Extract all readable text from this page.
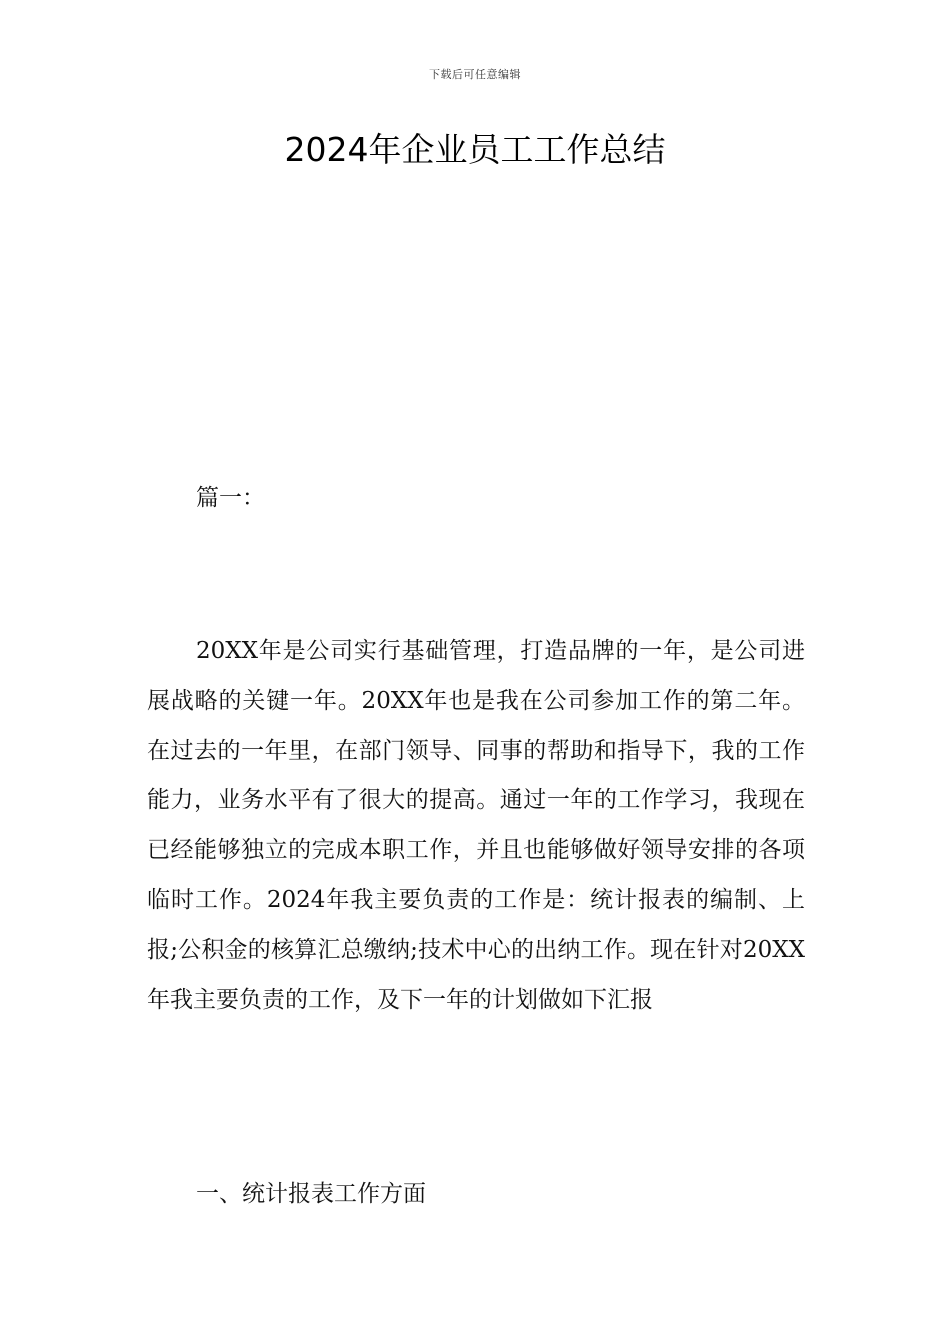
下载后可任意编辑
2024年企业员工工作总结

篇一：

20XX年是公司实行基础管理，打造品牌的一年，是公司进展战略的关键一年。20XX年也是我在公司参加工作的第二年。在过去的一年里，在部门领导、同事的帮助和指导下，我的工作能力，业务水平有了很大的提高。通过一年的工作学习，我现在已经能够独立的完成本职工作，并且也能够做好领导安排的各项临时工作。2024年我主要负责的工作是：统计报表的编制、上报;公积金的核算汇总缴纳;技术中心的出纳工作。现在针对20XX年我主要负责的工作，及下一年的计划做如下汇报

一、统计报表工作方面
